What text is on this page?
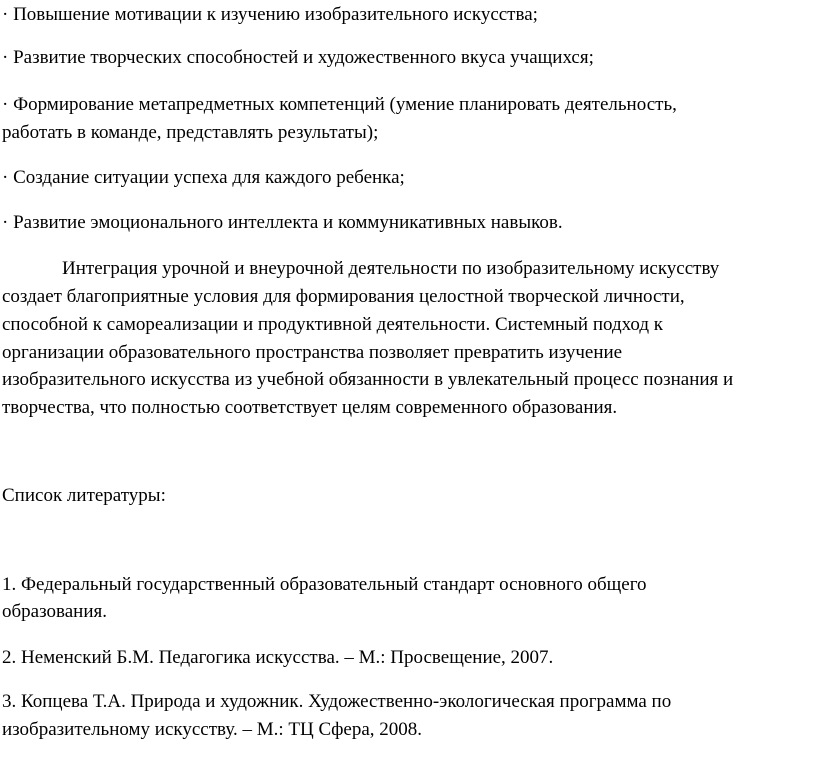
· Повышение мотивации к изучению изобразительного искусства;
· Развитие творческих способностей и художественного вкуса учащихся;
· Формирование метапредметных компетенций (умение планировать деятельность,
работать в команде, представлять результаты);
· Создание ситуации успеха для каждого ребенка;
· Развитие эмоционального интеллекта и коммуникативных навыков.
Интеграция урочной и внеурочной деятельности по изобразительному искусству
создает благоприятные условия для формирования целостной творческой личности,
способной к самореализации и продуктивной деятельности. Системный подход к
организации образовательного пространства позволяет превратить изучение
изобразительного искусства из учебной обязанности в увлекательный процесс познания и
творчества, что полностью соответствует целям современного образования.
Список литературы:
1. Федеральный государственный образовательный стандарт основного общего
образования.
2. Неменский Б.М. Педагогика искусства. – М.: Просвещение, 2007.
3. Копцева Т.А. Природа и художник. Художественно-экологическая программа по
изобразительному искусству. – М.: ТЦ Сфера, 2008.
